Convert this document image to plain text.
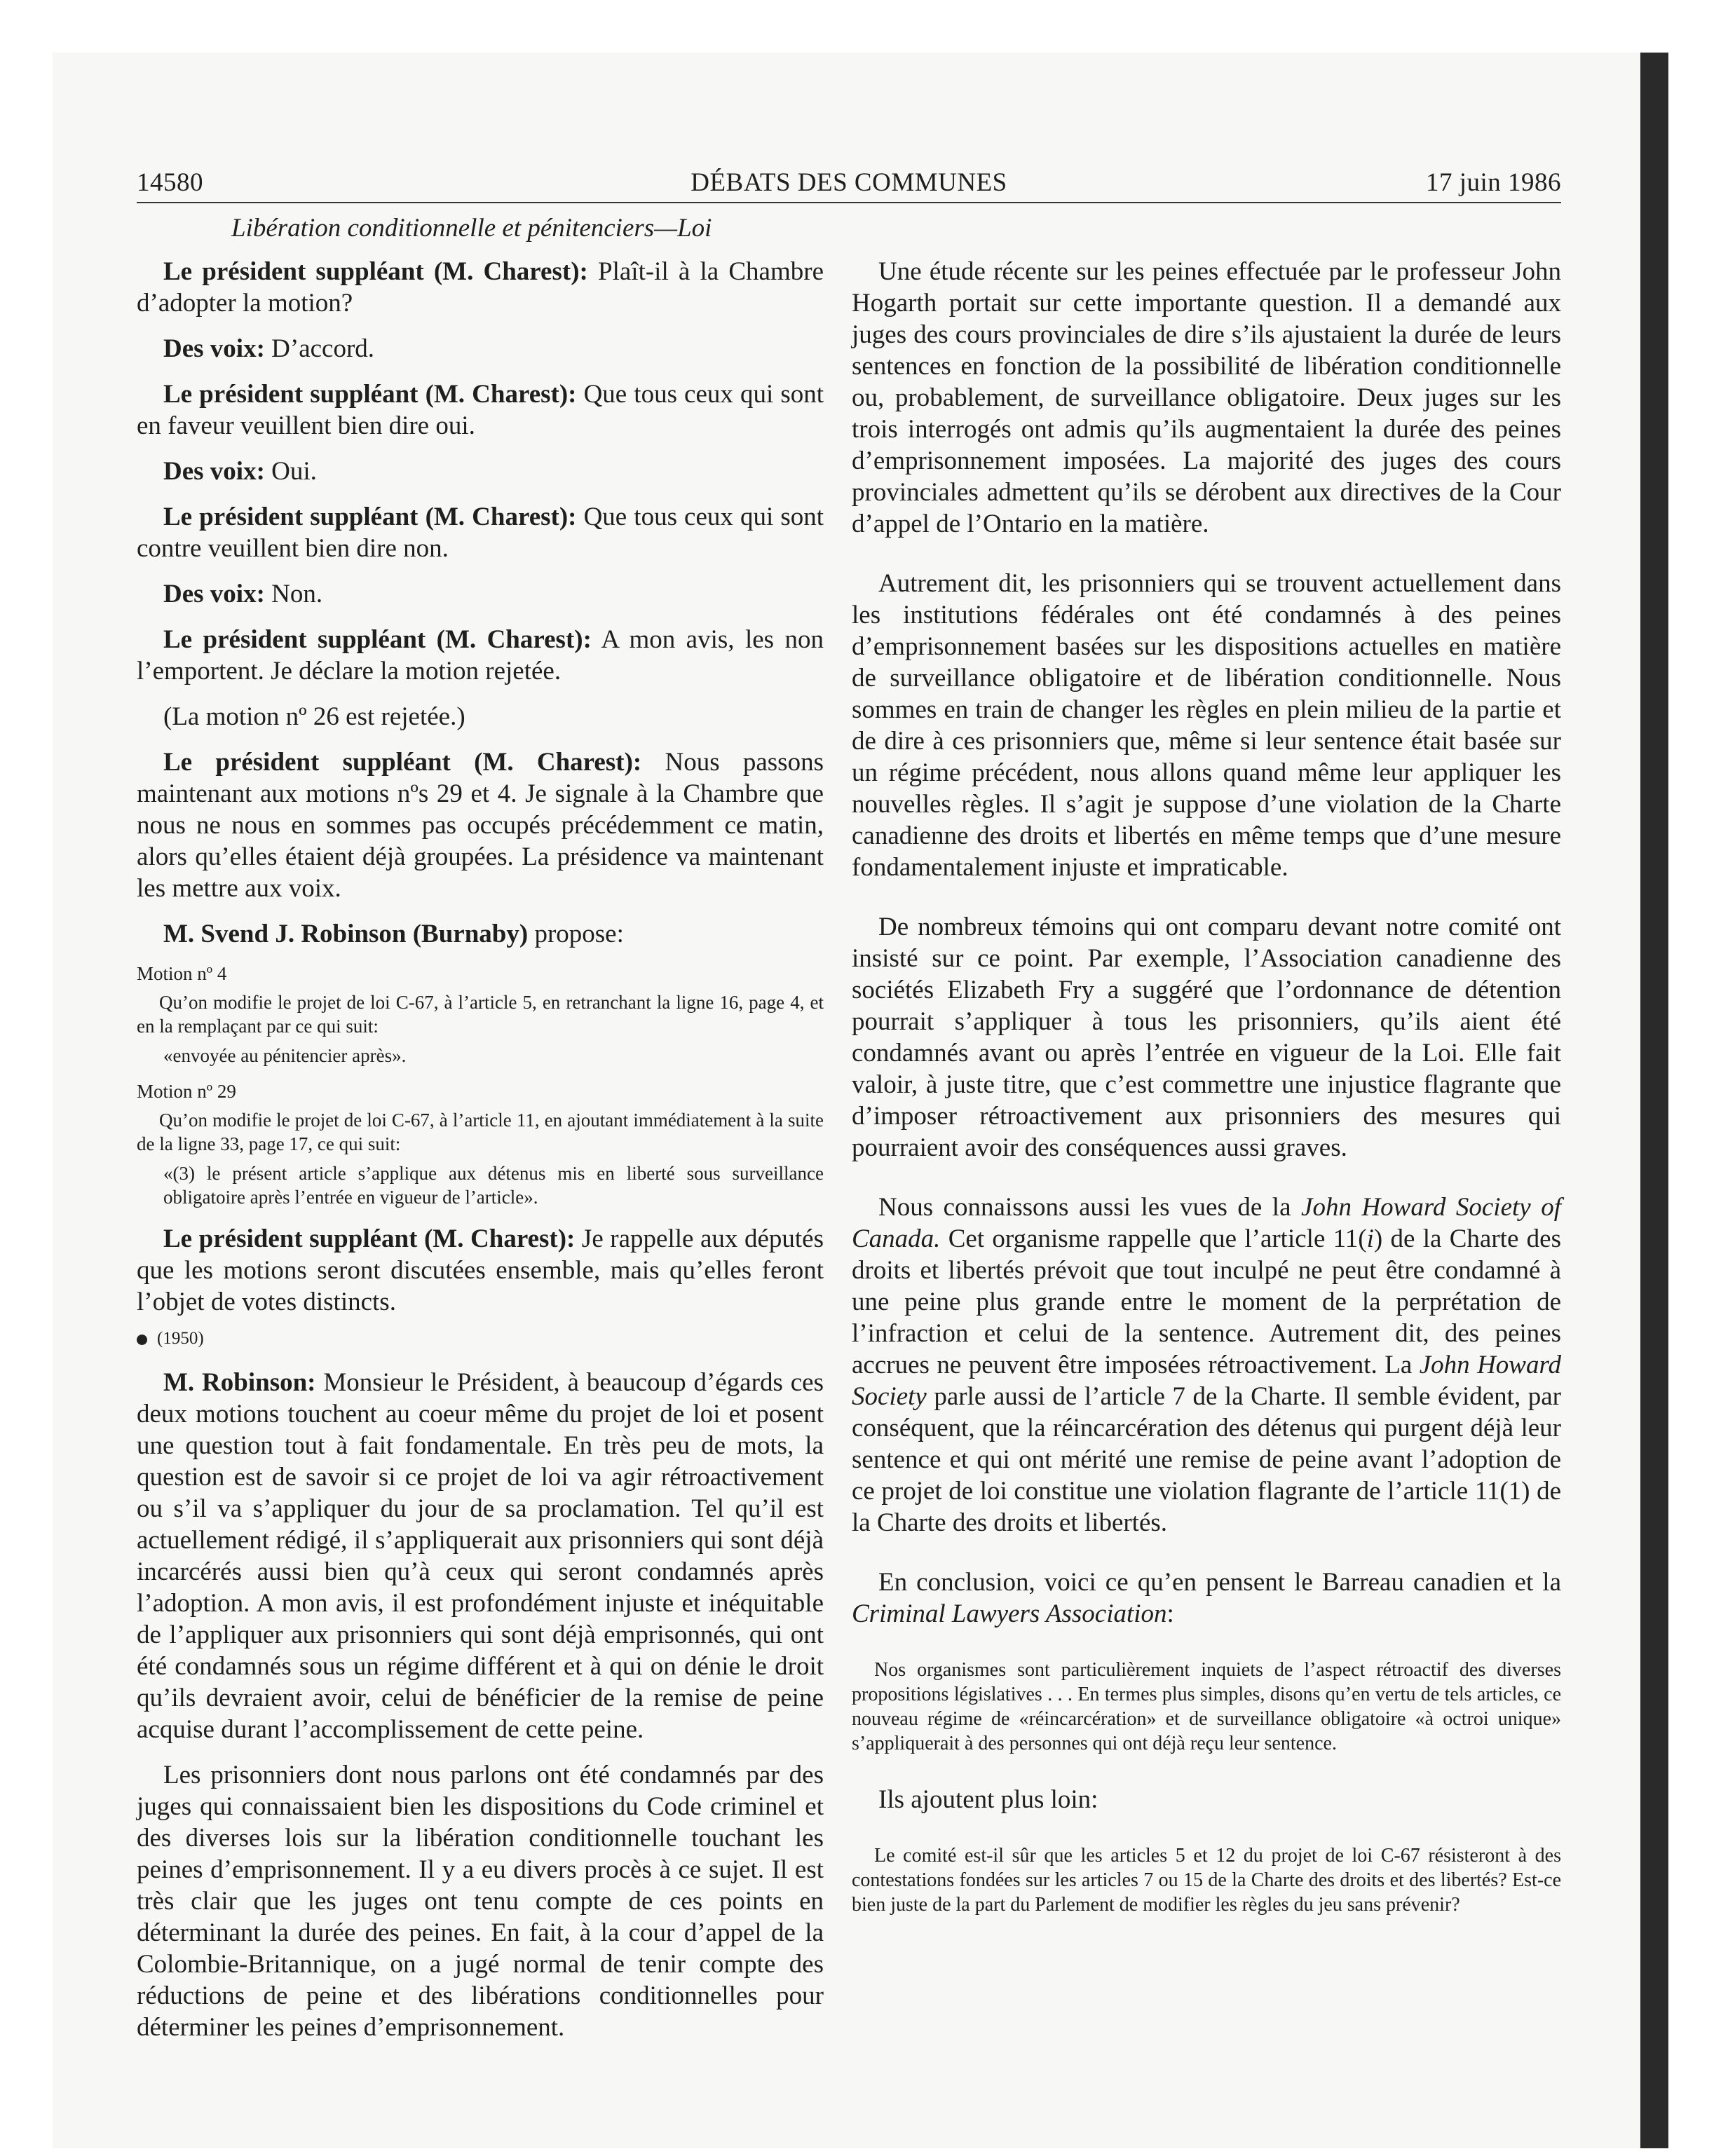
DÉBATS DES COMMUNES
14580	17 juin 1986
Libération conditionnelle et pénitenciers—Loi

Le président suppléant (M. Charest): Plaît-il à la Chambre d’adopter la motion?

Des voix: D’accord.

Le président suppléant (M. Charest): Que tous ceux qui sont en faveur veuillent bien dire oui.

Des voix: Oui.

Le président suppléant (M. Charest): Que tous ceux qui sont contre veuillent bien dire non.

Des voix: Non.

Le président suppléant (M. Charest): A mon avis, les non l’emportent. Je déclare la motion rejetée.

(La motion nº 26 est rejetée.)

Le président suppléant (M. Charest): Nous passons maintenant aux motions nºs 29 et 4. Je signale à la Chambre que nous ne nous en sommes pas occupés précédemment ce matin, alors qu’elles étaient déjà groupées. La présidence va maintenant les mettre aux voix.

M. Svend J. Robinson (Burnaby) propose:

Motion nº 4

Qu’on modifie le projet de loi C-67, à l’article 5, en retranchant la ligne 16, page 4, et en la remplaçant par ce qui suit:

«envoyée au pénitencier après».

Motion nº 29

Qu’on modifie le projet de loi C-67, à l’article 11, en ajoutant immédiatement à la suite de la ligne 33, page 17, ce qui suit:

«(3) le présent article s’applique aux détenus mis en liberté sous surveillance obligatoire après l’entrée en vigueur de l’article».

Le président suppléant (M. Charest): Je rappelle aux députés que les motions seront discutées ensemble, mais qu’elles feront l’objet de votes distincts.

(1950)

M. Robinson: Monsieur le Président, à beaucoup d’égards ces deux motions touchent au coeur même du projet de loi et posent une question tout à fait fondamentale. En très peu de mots, la question est de savoir si ce projet de loi va agir rétroactivement ou s’il va s’appliquer du jour de sa proclamation. Tel qu’il est actuellement rédigé, il s’appliquerait aux prisonniers qui sont déjà incarcérés aussi bien qu’à ceux qui seront condamnés après l’adoption. A mon avis, il est profondément injuste et inéquitable de l’appliquer aux prisonniers qui sont déjà emprisonnés, qui ont été condamnés sous un régime différent et à qui on dénie le droit qu’ils devraient avoir, celui de bénéficier de la remise de peine acquise durant l’accomplissement de cette peine.

Les prisonniers dont nous parlons ont été condamnés par des juges qui connaissaient bien les dispositions du Code criminel et des diverses lois sur la libération conditionnelle touchant les peines d’emprisonnement. Il y a eu divers procès à ce sujet. Il est très clair que les juges ont tenu compte de ces points en déterminant la durée des peines. En fait, à la cour d’appel de la Colombie-Britannique, on a jugé normal de tenir compte des réductions de peine et des libérations conditionnelles pour déterminer les peines d’emprisonnement.

Une étude récente sur les peines effectuée par le professeur John Hogarth portait sur cette importante question. Il a demandé aux juges des cours provinciales de dire s’ils ajustaient la durée de leurs sentences en fonction de la possibilité de libération conditionnelle ou, probablement, de surveillance obligatoire. Deux juges sur les trois interrogés ont admis qu’ils augmentaient la durée des peines d’emprisonnement imposées. La majorité des juges des cours provinciales admettent qu’ils se dérobent aux directives de la Cour d’appel de l’Ontario en la matière.

Autrement dit, les prisonniers qui se trouvent actuellement dans les institutions fédérales ont été condamnés à des peines d’emprisonnement basées sur les dispositions actuelles en matière de surveillance obligatoire et de libération conditionnelle. Nous sommes en train de changer les règles en plein milieu de la partie et de dire à ces prisonniers que, même si leur sentence était basée sur un régime précédent, nous allons quand même leur appliquer les nouvelles règles. Il s’agit je suppose d’une violation de la Charte canadienne des droits et libertés en même temps que d’une mesure fondamentalement injuste et impraticable.

De nombreux témoins qui ont comparu devant notre comité ont insisté sur ce point. Par exemple, l’Association canadienne des sociétés Elizabeth Fry a suggéré que l’ordonnance de détention pourrait s’appliquer à tous les prisonniers, qu’ils aient été condamnés avant ou après l’entrée en vigueur de la Loi. Elle fait valoir, à juste titre, que c’est commettre une injustice flagrante que d’imposer rétroactivement aux prisonniers des mesures qui pourraient avoir des conséquences aussi graves.

Nous connaissons aussi les vues de la John Howard Society of Canada. Cet organisme rappelle que l’article 11(i) de la Charte des droits et libertés prévoit que tout inculpé ne peut être condamné à une peine plus grande entre le moment de la perprétation de l’infraction et celui de la sentence. Autrement dit, des peines accrues ne peuvent être imposées rétroactivement. La John Howard Society parle aussi de l’article 7 de la Charte. Il semble évident, par conséquent, que la réincarcération des détenus qui purgent déjà leur sentence et qui ont mérité une remise de peine avant l’adoption de ce projet de loi constitue une violation flagrante de l’article 11(1) de la Charte des droits et libertés.

En conclusion, voici ce qu’en pensent le Barreau canadien et la Criminal Lawyers Association:

Nos organismes sont particulièrement inquiets de l’aspect rétroactif des diverses propositions législatives . . . En termes plus simples, disons qu’en vertu de tels articles, ce nouveau régime de «réincarcération» et de surveillance obligatoire «à octroi unique» s’appliquerait à des personnes qui ont déjà reçu leur sentence.

Ils ajoutent plus loin:

Le comité est-il sûr que les articles 5 et 12 du projet de loi C-67 résisteront à des contestations fondées sur les articles 7 ou 15 de la Charte des droits et des libertés? Est-ce bien juste de la part du Parlement de modifier les règles du jeu sans prévenir?
